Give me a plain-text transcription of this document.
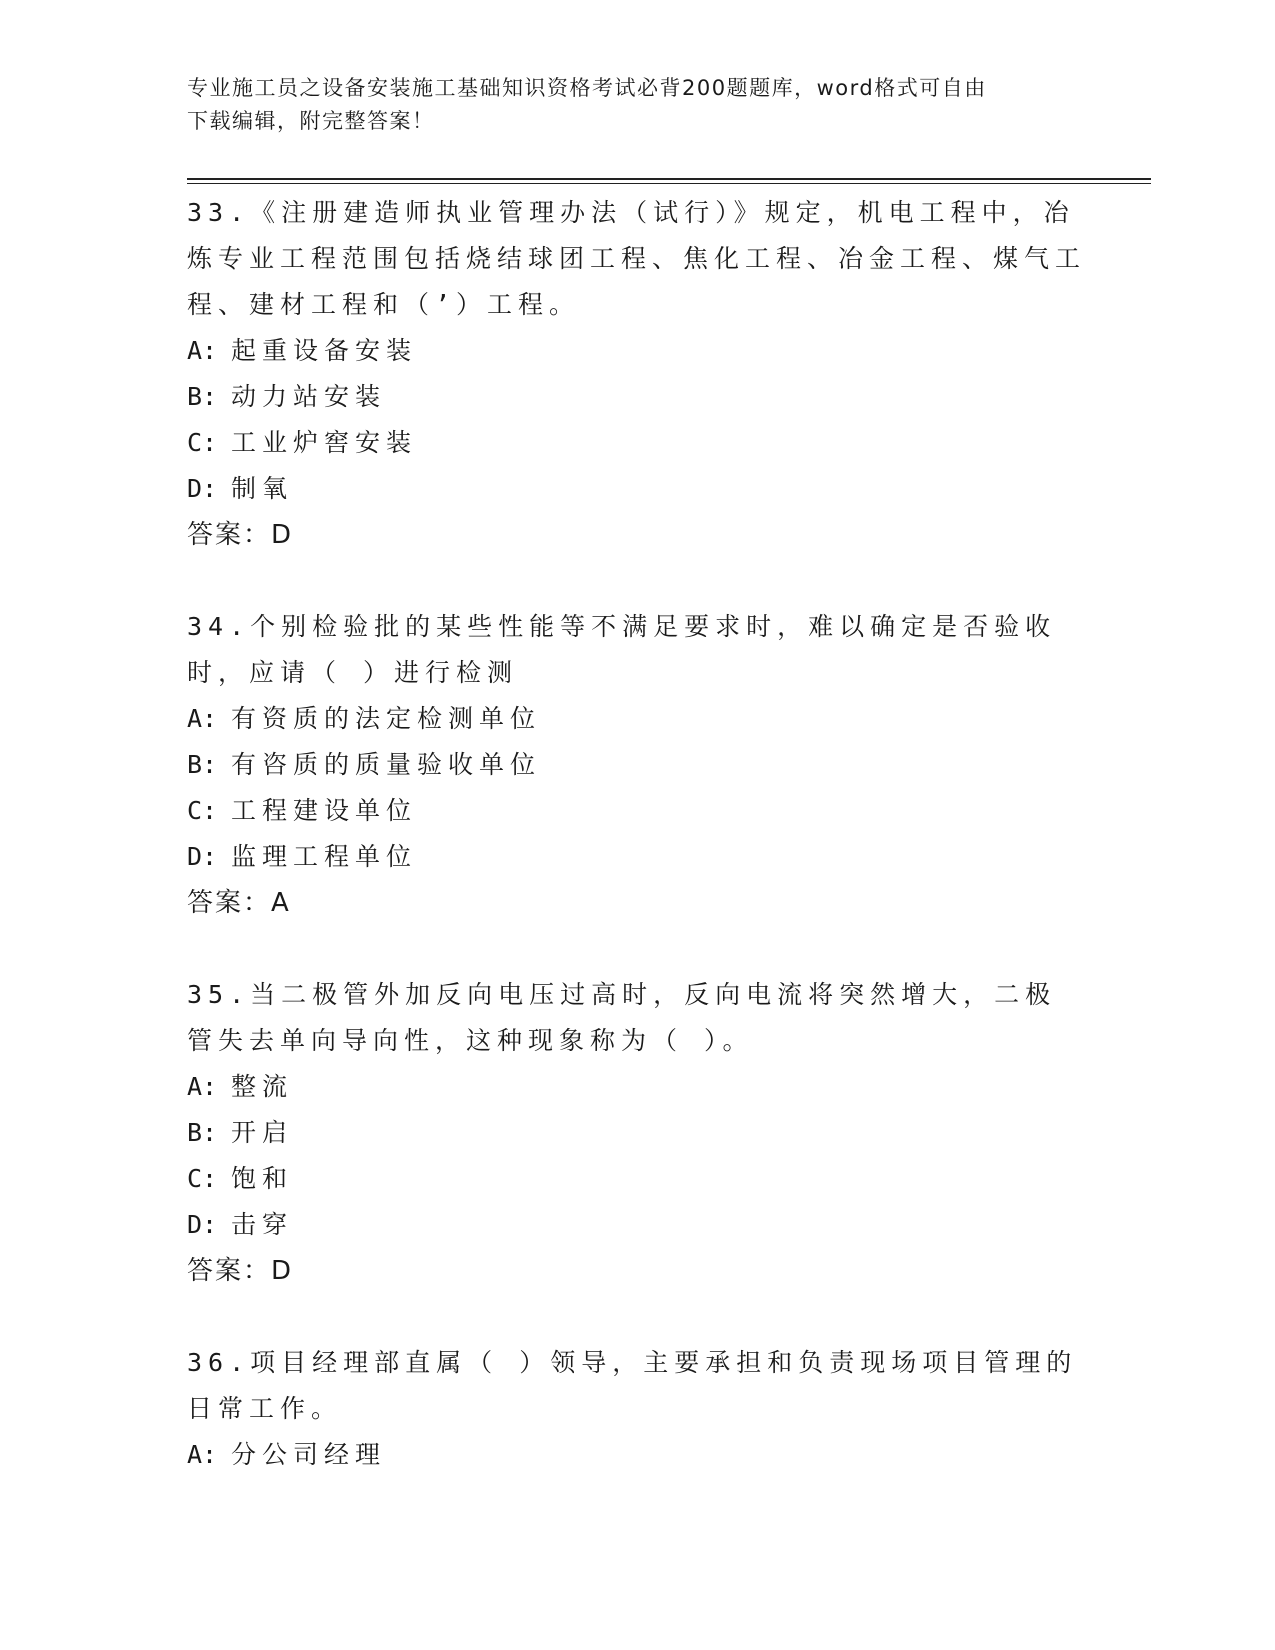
专业施工员之设备安装施工基础知识资格考试必背200题题库，word格式可自由
下载编辑，附完整答案！

33.《注册建造师执业管理办法（试行）》规定，机电工程中，冶炼专业工程范围包括烧结球团工程、焦化工程、冶金工程、煤气工程、建材工程和（’）工程。

A: 起重设备安装

B: 动力站安装

C: 工业炉窖安装

D: 制氧

答案：D

34.个别检验批的某些性能等不满足要求时，难以确定是否验收时，应请（ ）进行检测

A: 有资质的法定检测单位

B: 有咨质的质量验收单位

C: 工程建设单位

D: 监理工程单位

答案：A

35.当二极管外加反向电压过高时，反向电流将突然增大，二极管失去单向导向性，这种现象称为（ ）。

A: 整流

B: 开启

C: 饱和

D: 击穿

答案：D

36.项目经理部直属（ ）领导，主要承担和负责现场项目管理的日常工作。

A: 分公司经理
